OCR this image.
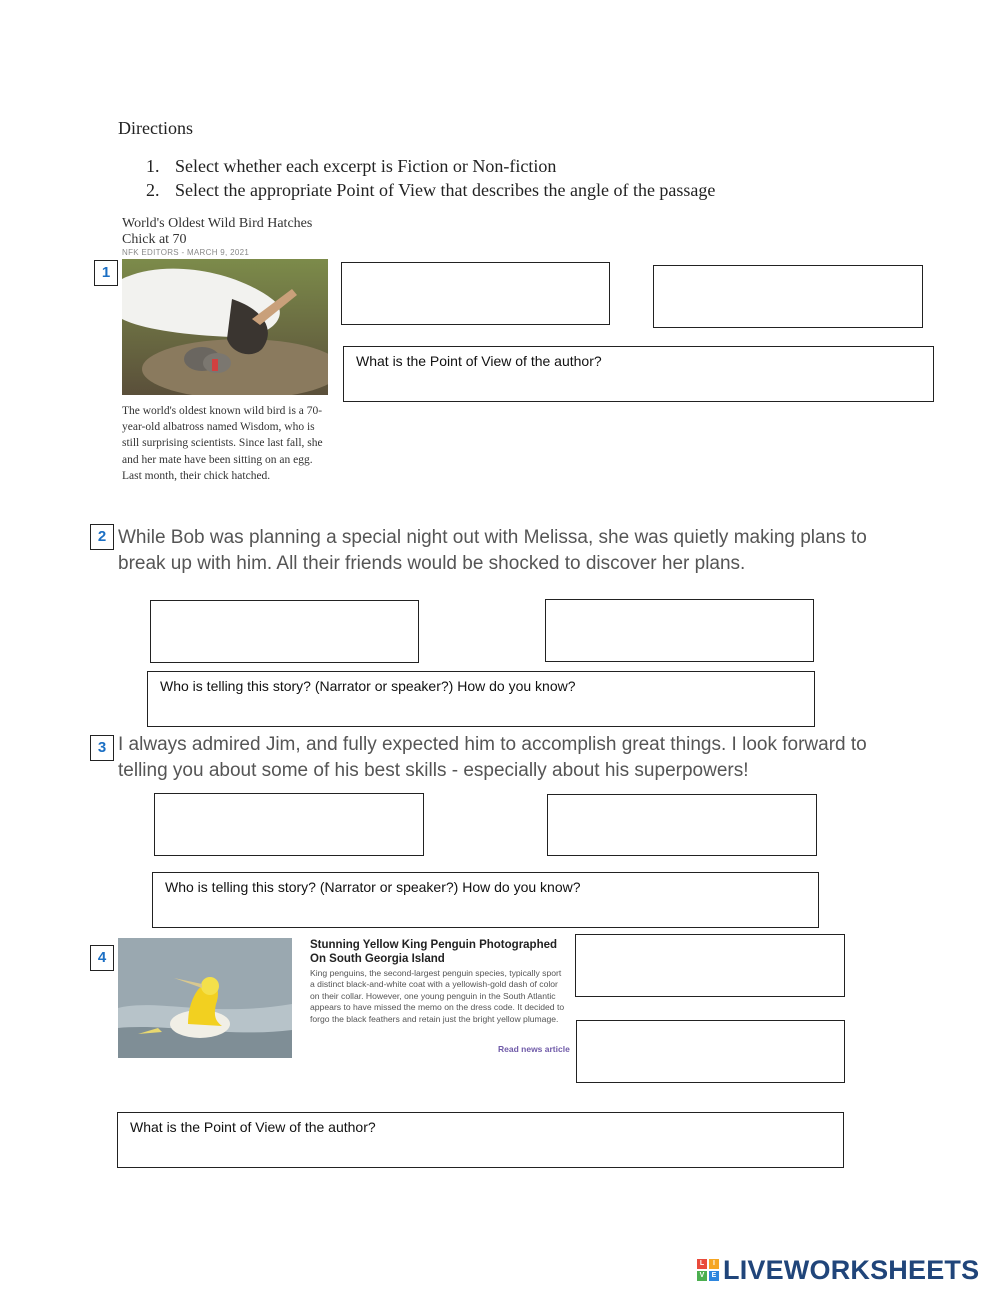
Directions
1. Select whether each excerpt is Fiction or Non-fiction
2. Select the appropriate Point of View that describes the angle of the passage
World's Oldest Wild Bird Hatches Chick at 70
NFK EDITORS - MARCH 9, 2021
1
The world's oldest known wild bird is a 70-year-old albatross named Wisdom, who is still surprising scientists. Since last fall, she and her mate have been sitting on an egg. Last month, their chick hatched.
What is the Point of View of the author?
2 While Bob was planning a special night out with Melissa, she was quietly making plans to break up with him. All their friends would be shocked to discover her plans.
Who is telling this story? (Narrator or speaker?) How do you know?
3 I always admired Jim, and fully expected him to accomplish great things. I look forward to telling you about some of his best skills - especially about his superpowers!
Who is telling this story? (Narrator or speaker?) How do you know?
4
Stunning Yellow King Penguin Photographed On South Georgia Island
King penguins, the second-largest penguin species, typically sport a distinct black-and-white coat with a yellowish-gold dash of color on their collar. However, one young penguin in the South Atlantic appears to have missed the memo on the dress code. It decided to forgo the black feathers and retain just the bright yellow plumage.
Read news article
What is the Point of View of the author?
L	I
V	E LIVEWORKSHEETS
